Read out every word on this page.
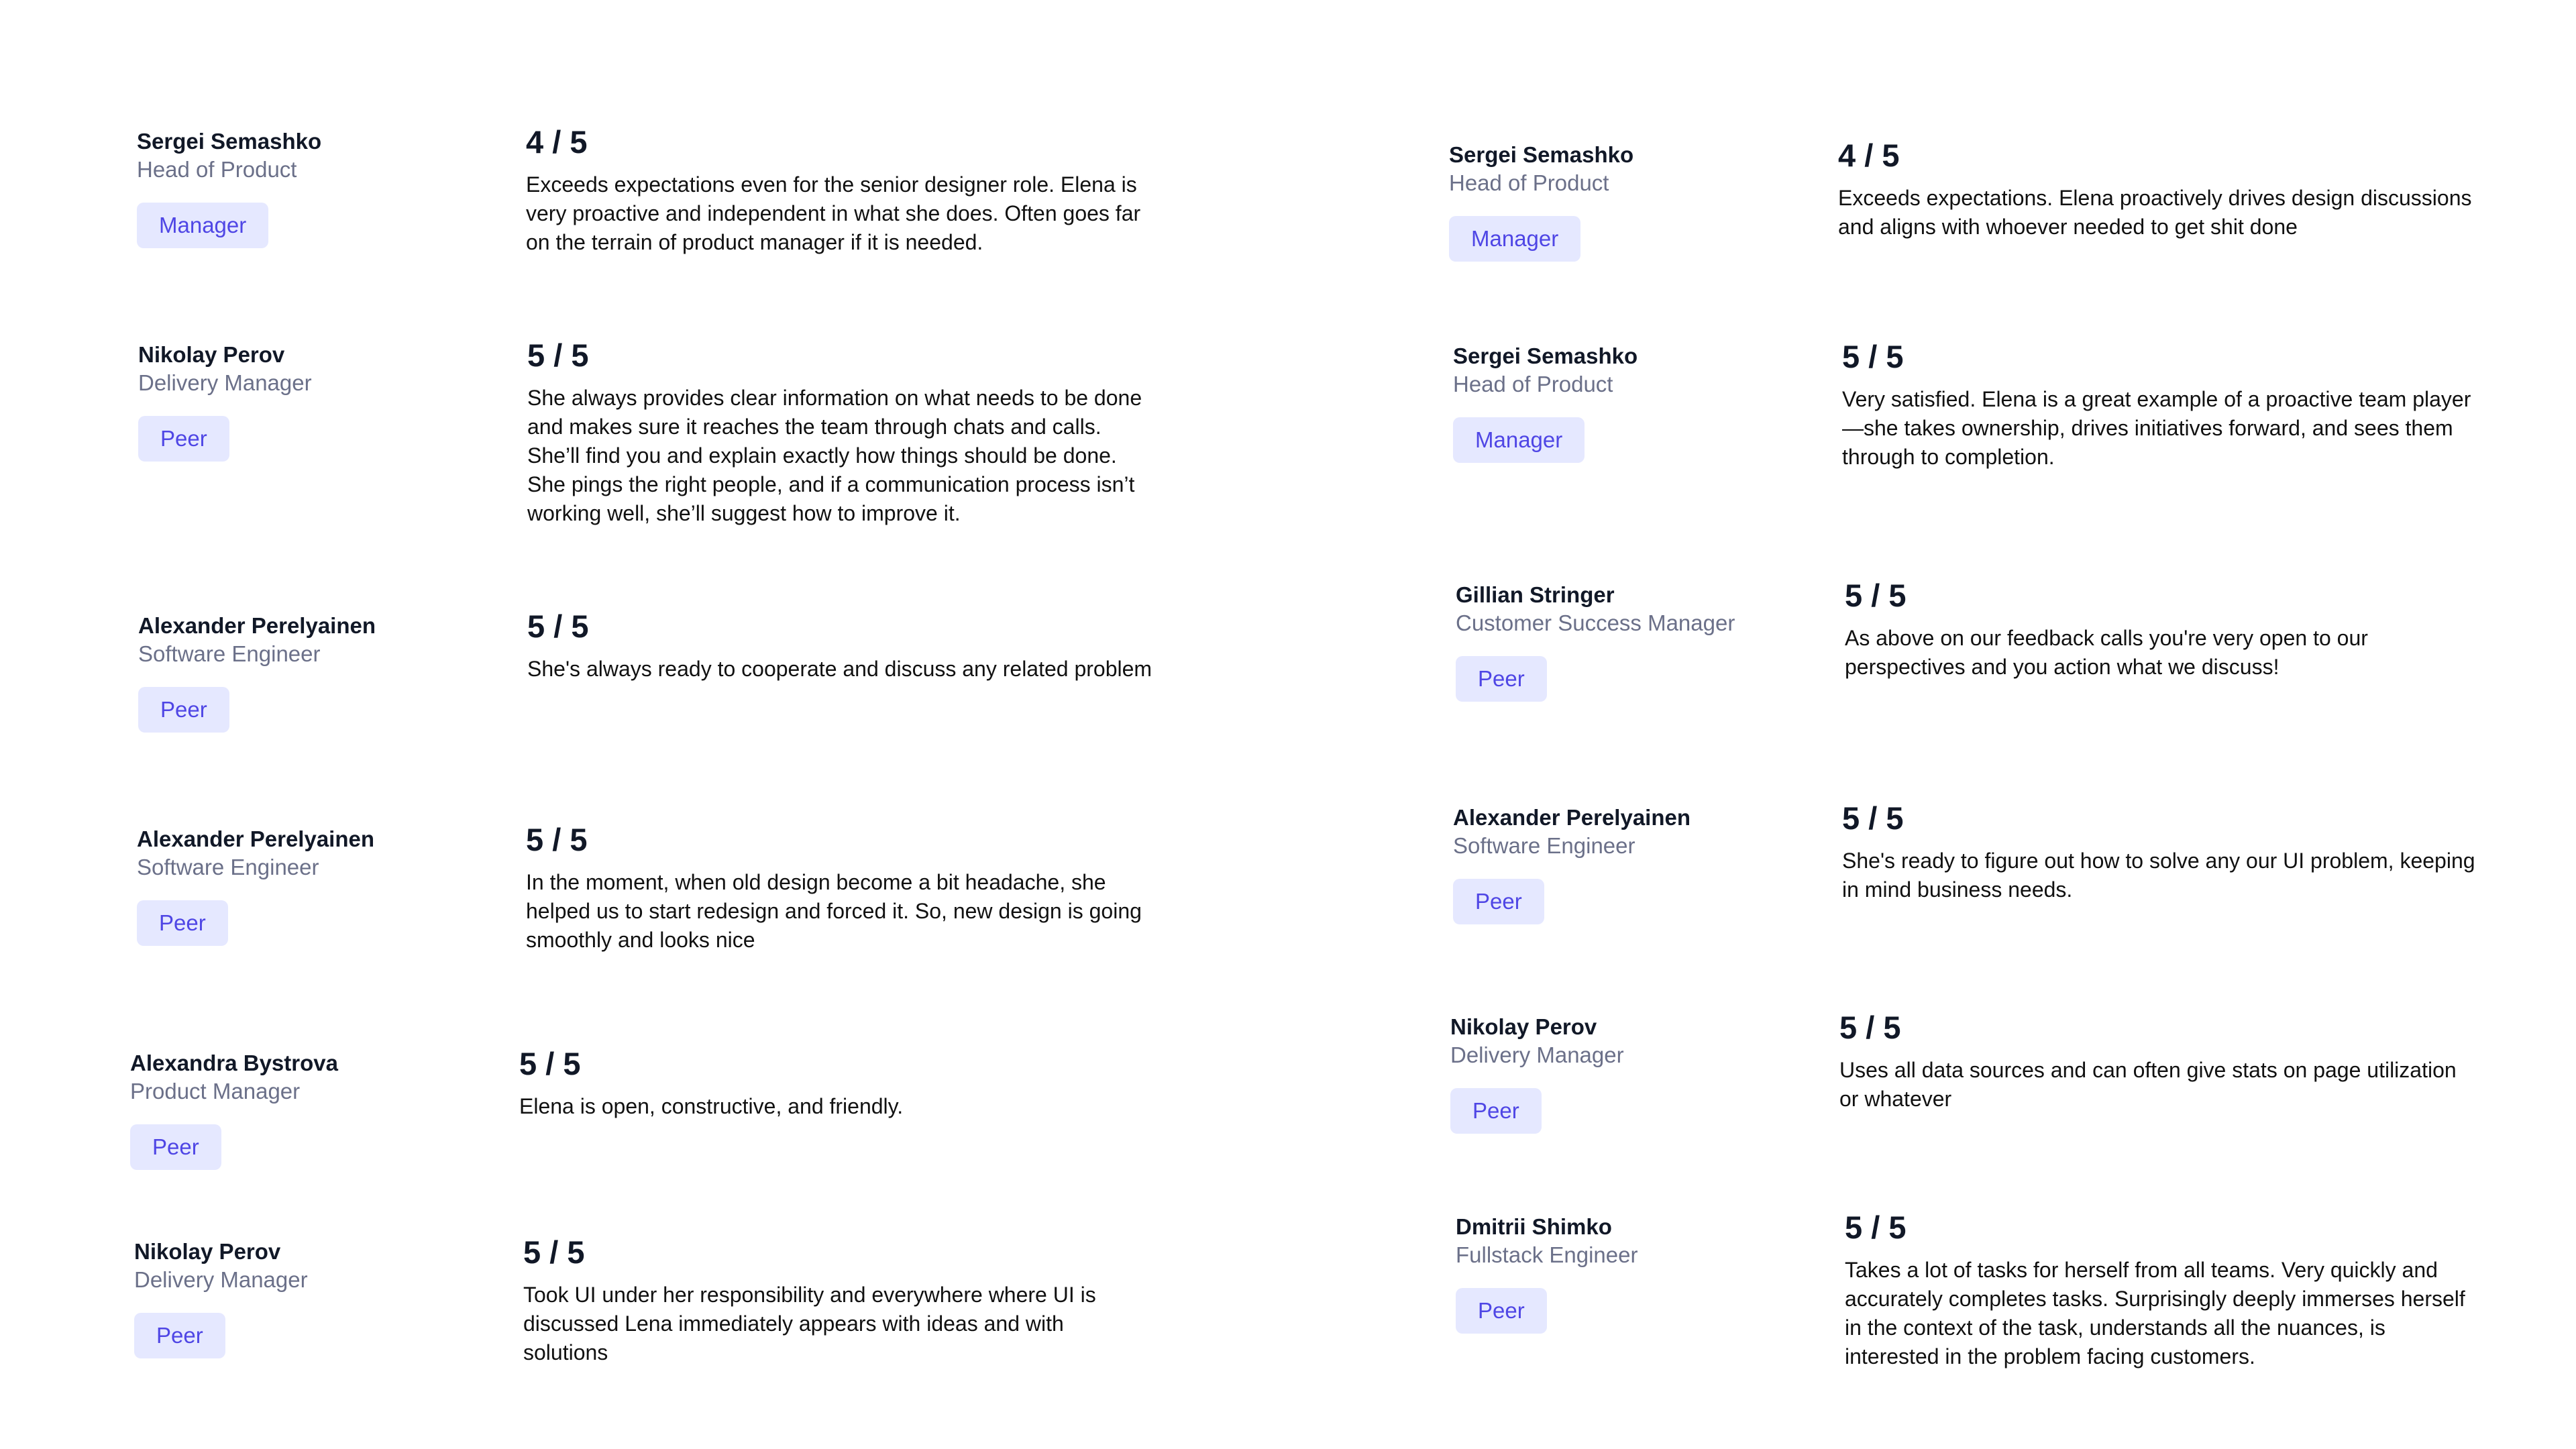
Sergei Semashko
Head of Product
Manager
4 / 5
Exceeds expectations even for the senior designer role. Elena is very proactive and independent in what she does. Often goes far on the terrain of product manager if it is needed.
Nikolay Perov
Delivery Manager
Peer
5 / 5
She always provides clear information on what needs to be done and makes sure it reaches the team through chats and calls. She’ll find you and explain exactly how things should be done. She pings the right people, and if a communication process isn’t working well, she’ll suggest how to improve it.
Alexander Perelyainen
Software Engineer
Peer
5 / 5
She's always ready to cooperate and discuss any related problem
Alexander Perelyainen
Software Engineer
Peer
5 / 5
In the moment, when old design become a bit headache, she helped us to start redesign and forced it. So, new design is going smoothly and looks nice
Alexandra Bystrova
Product Manager
Peer
5 / 5
Elena is open, constructive, and friendly.
Nikolay Perov
Delivery Manager
Peer
5 / 5
Took UI under her responsibility and everywhere where UI is discussed Lena immediately appears with ideas and with solutions
Sergei Semashko
Head of Product
Manager
4 / 5
Exceeds expectations. Elena proactively drives design discussions and aligns with whoever needed to get shit done
Sergei Semashko
Head of Product
Manager
5 / 5
Very satisfied. Elena is a great example of a proactive team player—she takes ownership, drives initiatives forward, and sees them through to completion.
Gillian Stringer
Customer Success Manager
Peer
5 / 5
As above on our feedback calls you're very open to our perspectives and you action what we discuss!
Alexander Perelyainen
Software Engineer
Peer
5 / 5
She's ready to figure out how to solve any our UI problem, keeping in mind business needs.
Nikolay Perov
Delivery Manager
Peer
5 / 5
Uses all data sources and can often give stats on page utilization or whatever
Dmitrii Shimko
Fullstack Engineer
Peer
5 / 5
Takes a lot of tasks for herself from all teams. Very quickly and accurately completes tasks. Surprisingly deeply immerses herself in the context of the task, understands all the nuances, is interested in the problem facing customers.
